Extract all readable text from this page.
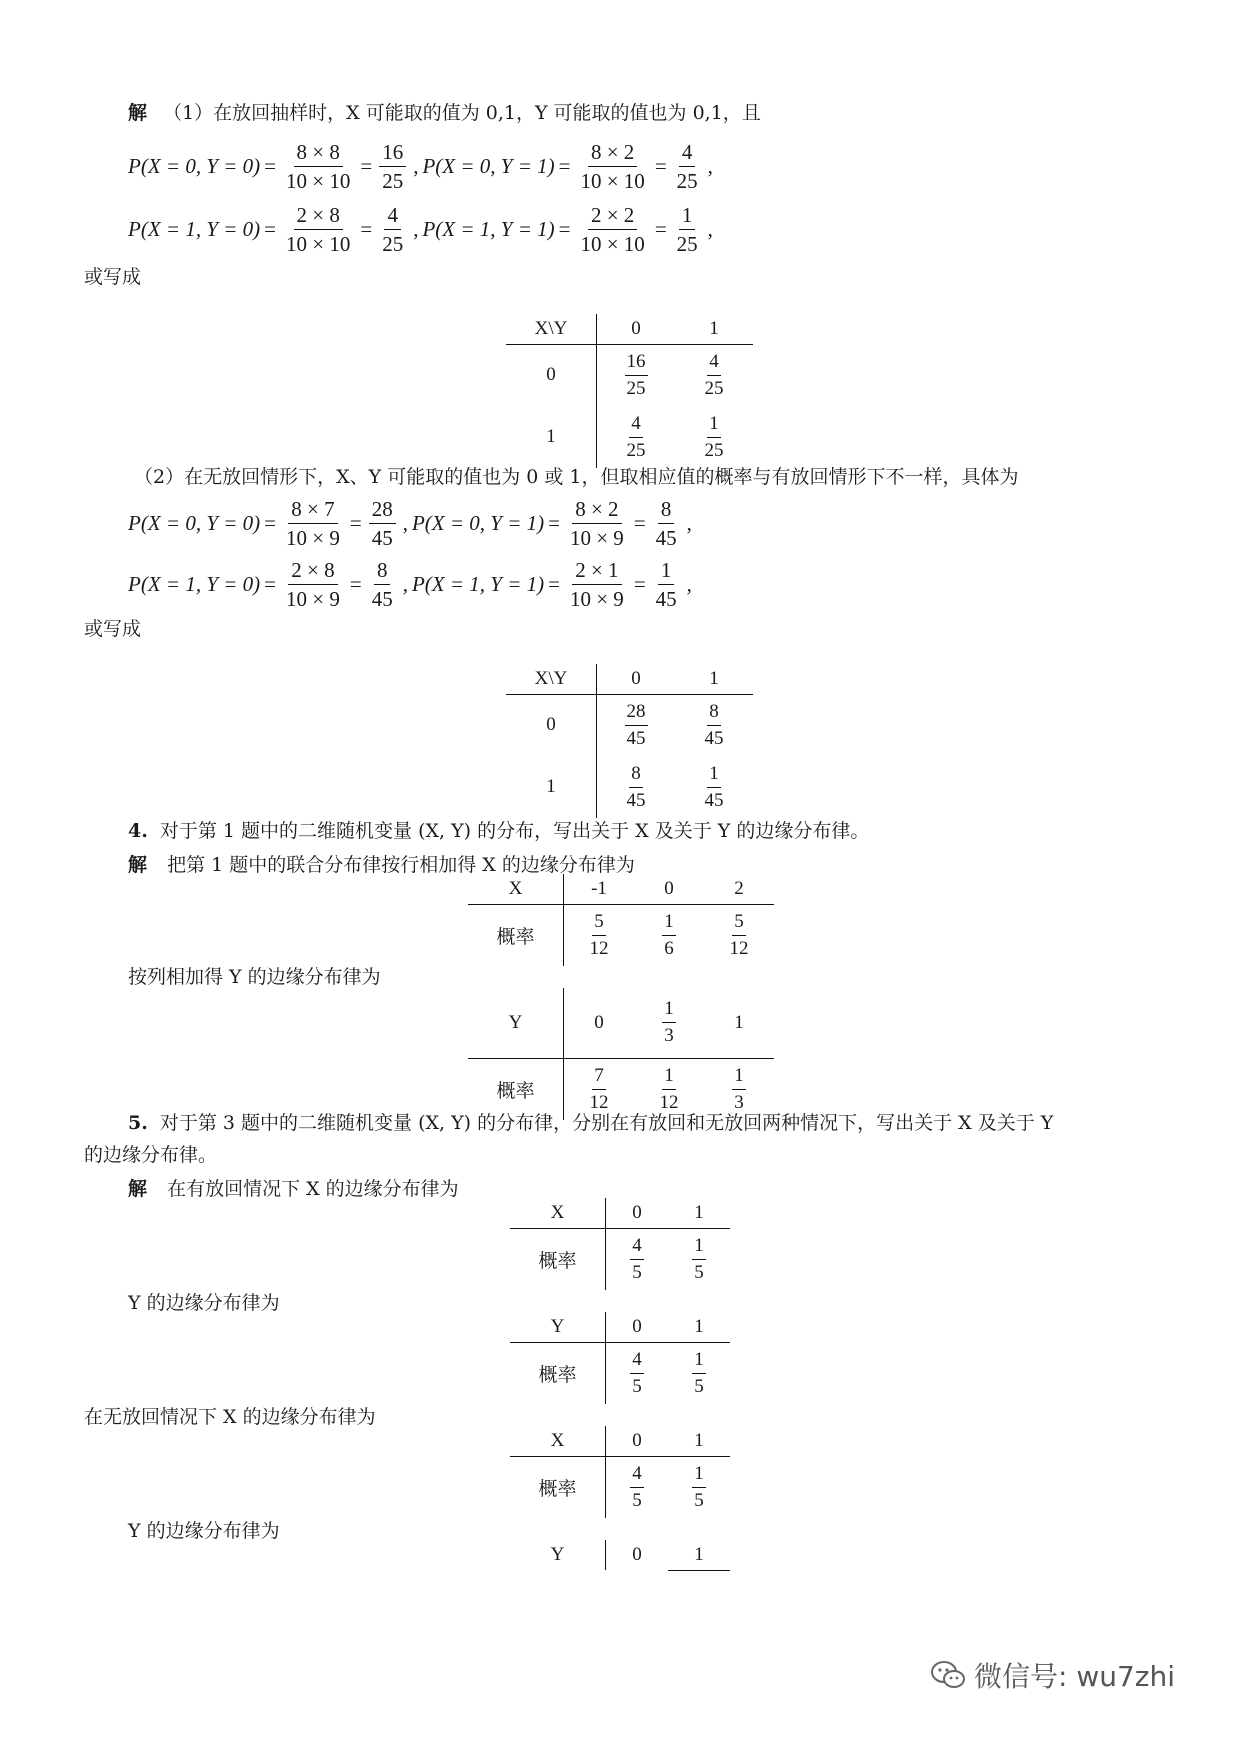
解 （1）在放回抽样时，X 可能取的值为 0,1，Y 可能取的值也为 0,1，且
P(X = 0, $Y = 0) = \frac{8 \times 8}{10 \times 10} = \frac{16}{25}$ , P(X = 0, $Y = 1) = \frac{8 \times 2}{10 \times 10} = \frac{4}{25}$ ,
P(X = 1, $Y = 0) = \frac{2 \times 8}{10 \times 10} = \frac{4}{25}$ , P(X = 1, $Y = 1) = \frac{2 \times 2}{10 \times 10} = \frac{1}{25}$ ,
或写成
X\Y	0	1
0	$\frac{16}{25}$	$\frac{4}{25}$

1	$\frac{4}{25}$	$\frac{1}{25}$
（2）在无放回情形下，X、Y 可能取的值也为 0 或 1，但取相应值的概率与有放回情形下不一样，具体为
P(X = 0, $Y = 0) = \frac{8 \times 7}{10 \times 9} = \frac{28}{45}$ , P(X = 0, $Y = 1) = \frac{8 \times 2}{10 \times 9} = \frac{8}{45}$ ,
P(X = 1, $Y = 0) = \frac{2 \times 8}{10 \times 9} = \frac{8}{45}$ , P(X = 1, $Y = 1) = \frac{2 \times 1}{10 \times 9} = \frac{1}{45}$ ,
或写成
X\Y	0	1
0	$\frac{28}{45}$	$\frac{8}{45}$

1	$\frac{8}{45}$	$\frac{1}{45}$
4. 对于第 1 题中的二维随机变量 (X, Y) 的分布，写出关于 X 及关于 Y 的边缘分布律。
解 把第 1 题中的联合分布律按行相加得 X 的边缘分布律为
X	-1	0	2
概率	$\frac{5}{12}$	$\frac{1}{6}$	$\frac{5}{12}$
按列相加得 Y 的边缘分布律为
Y	0	$\frac{1}{3}$	1
概率	$\frac{7}{12}$	$\frac{1}{12}$	$\frac{1}{3}$
5. 对于第 3 题中的二维随机变量 (X, Y) 的分布律，分别在有放回和无放回两种情况下，写出关于 X 及关于 Y
的边缘分布律。
解 在有放回情况下 X 的边缘分布律为
X	0	1
概率	$\frac{4}{5}$	$\frac{1}{5}$
Y 的边缘分布律为
Y	0	1
概率	$\frac{4}{5}$	$\frac{1}{5}$
在无放回情况下 X 的边缘分布律为
X	0	1
概率	$\frac{4}{5}$	$\frac{1}{5}$
Y 的边缘分布律为
Y	0	1
微信号: wu7zhi
